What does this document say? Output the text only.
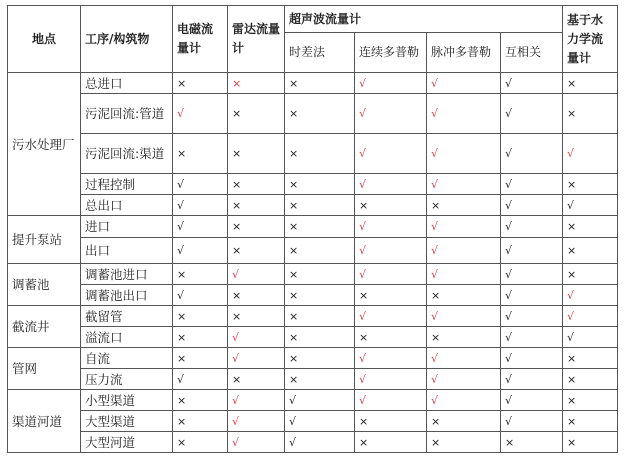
地点	工序/构筑物	电磁流量计	雷达流量计	超声波流量计				基于水力学流量计
				时差法	连续多普勒	脉冲多普勒	互相关	
污水处理厂	总进口	×	×	×	√	√	√	×
	污泥回流:管道	√	×	×	√	√	√	×
	污泥回流:渠道	×	×	×	√	√	√	√
	过程控制	√	×	×	√	√	√	×
	总出口	√	×	×	×	×	√	√
提升泵站	进口	√	×	×	√	√	√	×
	出口	√	×	×	√	√	√	×
调蓄池	调蓄池进口	×	√	×	√	√	√	×
	调蓄池出口	√	×	×	×	×	√	√
截流井	截留管	×	×	×	√	√	√	√
	溢流口	×	√	×	×	×	√	√
管网	自流	×	√	×	√	√	√	×
	压力流	√	×	×	√	√	√	×
渠道河道	小型渠道	×	√	√	√	√	√	×
	大型渠道	×	√	√	×	×	√	×
	大型河道	×	√	√	×	×	×	×
